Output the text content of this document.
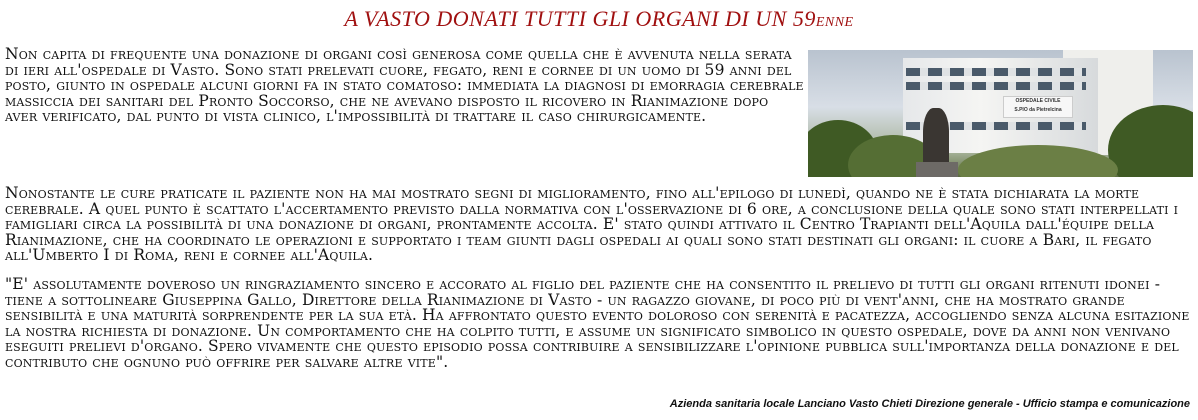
A VASTO DONATI TUTTI GLI ORGANI DI UN 59enne

Non capita di frequente una donazione di organi così generosa come quella che è avvenuta nella serata di ieri all'ospedale di Vasto. Sono stati prelevati cuore, fegato, reni e cornee di un uomo di 59 anni del posto, giunto in ospedale alcuni giorni fa in stato comatoso: immediata la diagnosi di emorragia cerebrale massiccia dei sanitari del Pronto Soccorso, che ne avevano disposto il ricovero in Rianimazione dopo aver verificato, dal punto di vista clinico, l'impossibilità di trattare il caso chirurgicamente.

OSPEDALE CIVILE
S.PIO da Pietrelcina

Nonostante le cure praticate il paziente non ha mai mostrato segni di miglioramento, fino all'epilogo di lunedì, quando ne è stata dichiarata la morte cerebrale. A quel punto è scattato l'accertamento previsto dalla normativa con l'osservazione di 6 ore, a conclusione della quale sono stati interpellati i famigliari circa la possibilità di una donazione di organi, prontamente accolta. E' stato quindi attivato il Centro Trapianti dell'Aquila dall'équipe della Rianimazione, che ha coordinato le operazioni e supportato i team giunti dagli ospedali ai quali sono stati destinati gli organi: il cuore a Bari, il fegato all'Umberto I di Roma, reni e cornee all'Aquila.

"E' assolutamente doveroso un ringraziamento sincero e accorato al figlio del paziente che ha consentito il prelievo di tutti gli organi ritenuti idonei - tiene a sottolineare Giuseppina Gallo, Direttore della Rianimazione di Vasto - un ragazzo giovane, di poco più di vent'anni, che ha mostrato grande sensibilità e una maturità sorprendente per la sua età. Ha affrontato questo evento doloroso con serenità e pacatezza, accogliendo senza alcuna esitazione la nostra richiesta di donazione. Un comportamento che ha colpito tutti, e assume un significato simbolico in questo ospedale, dove da anni non venivano eseguiti prelievi d'organo. Spero vivamente che questo episodio possa contribuire a sensibilizzare l'opinione pubblica sull'importanza della donazione e del contributo che ognuno può offrire per salvare altre vite".

Azienda sanitaria locale Lanciano Vasto Chieti Direzione generale - Ufficio stampa e comunicazione
